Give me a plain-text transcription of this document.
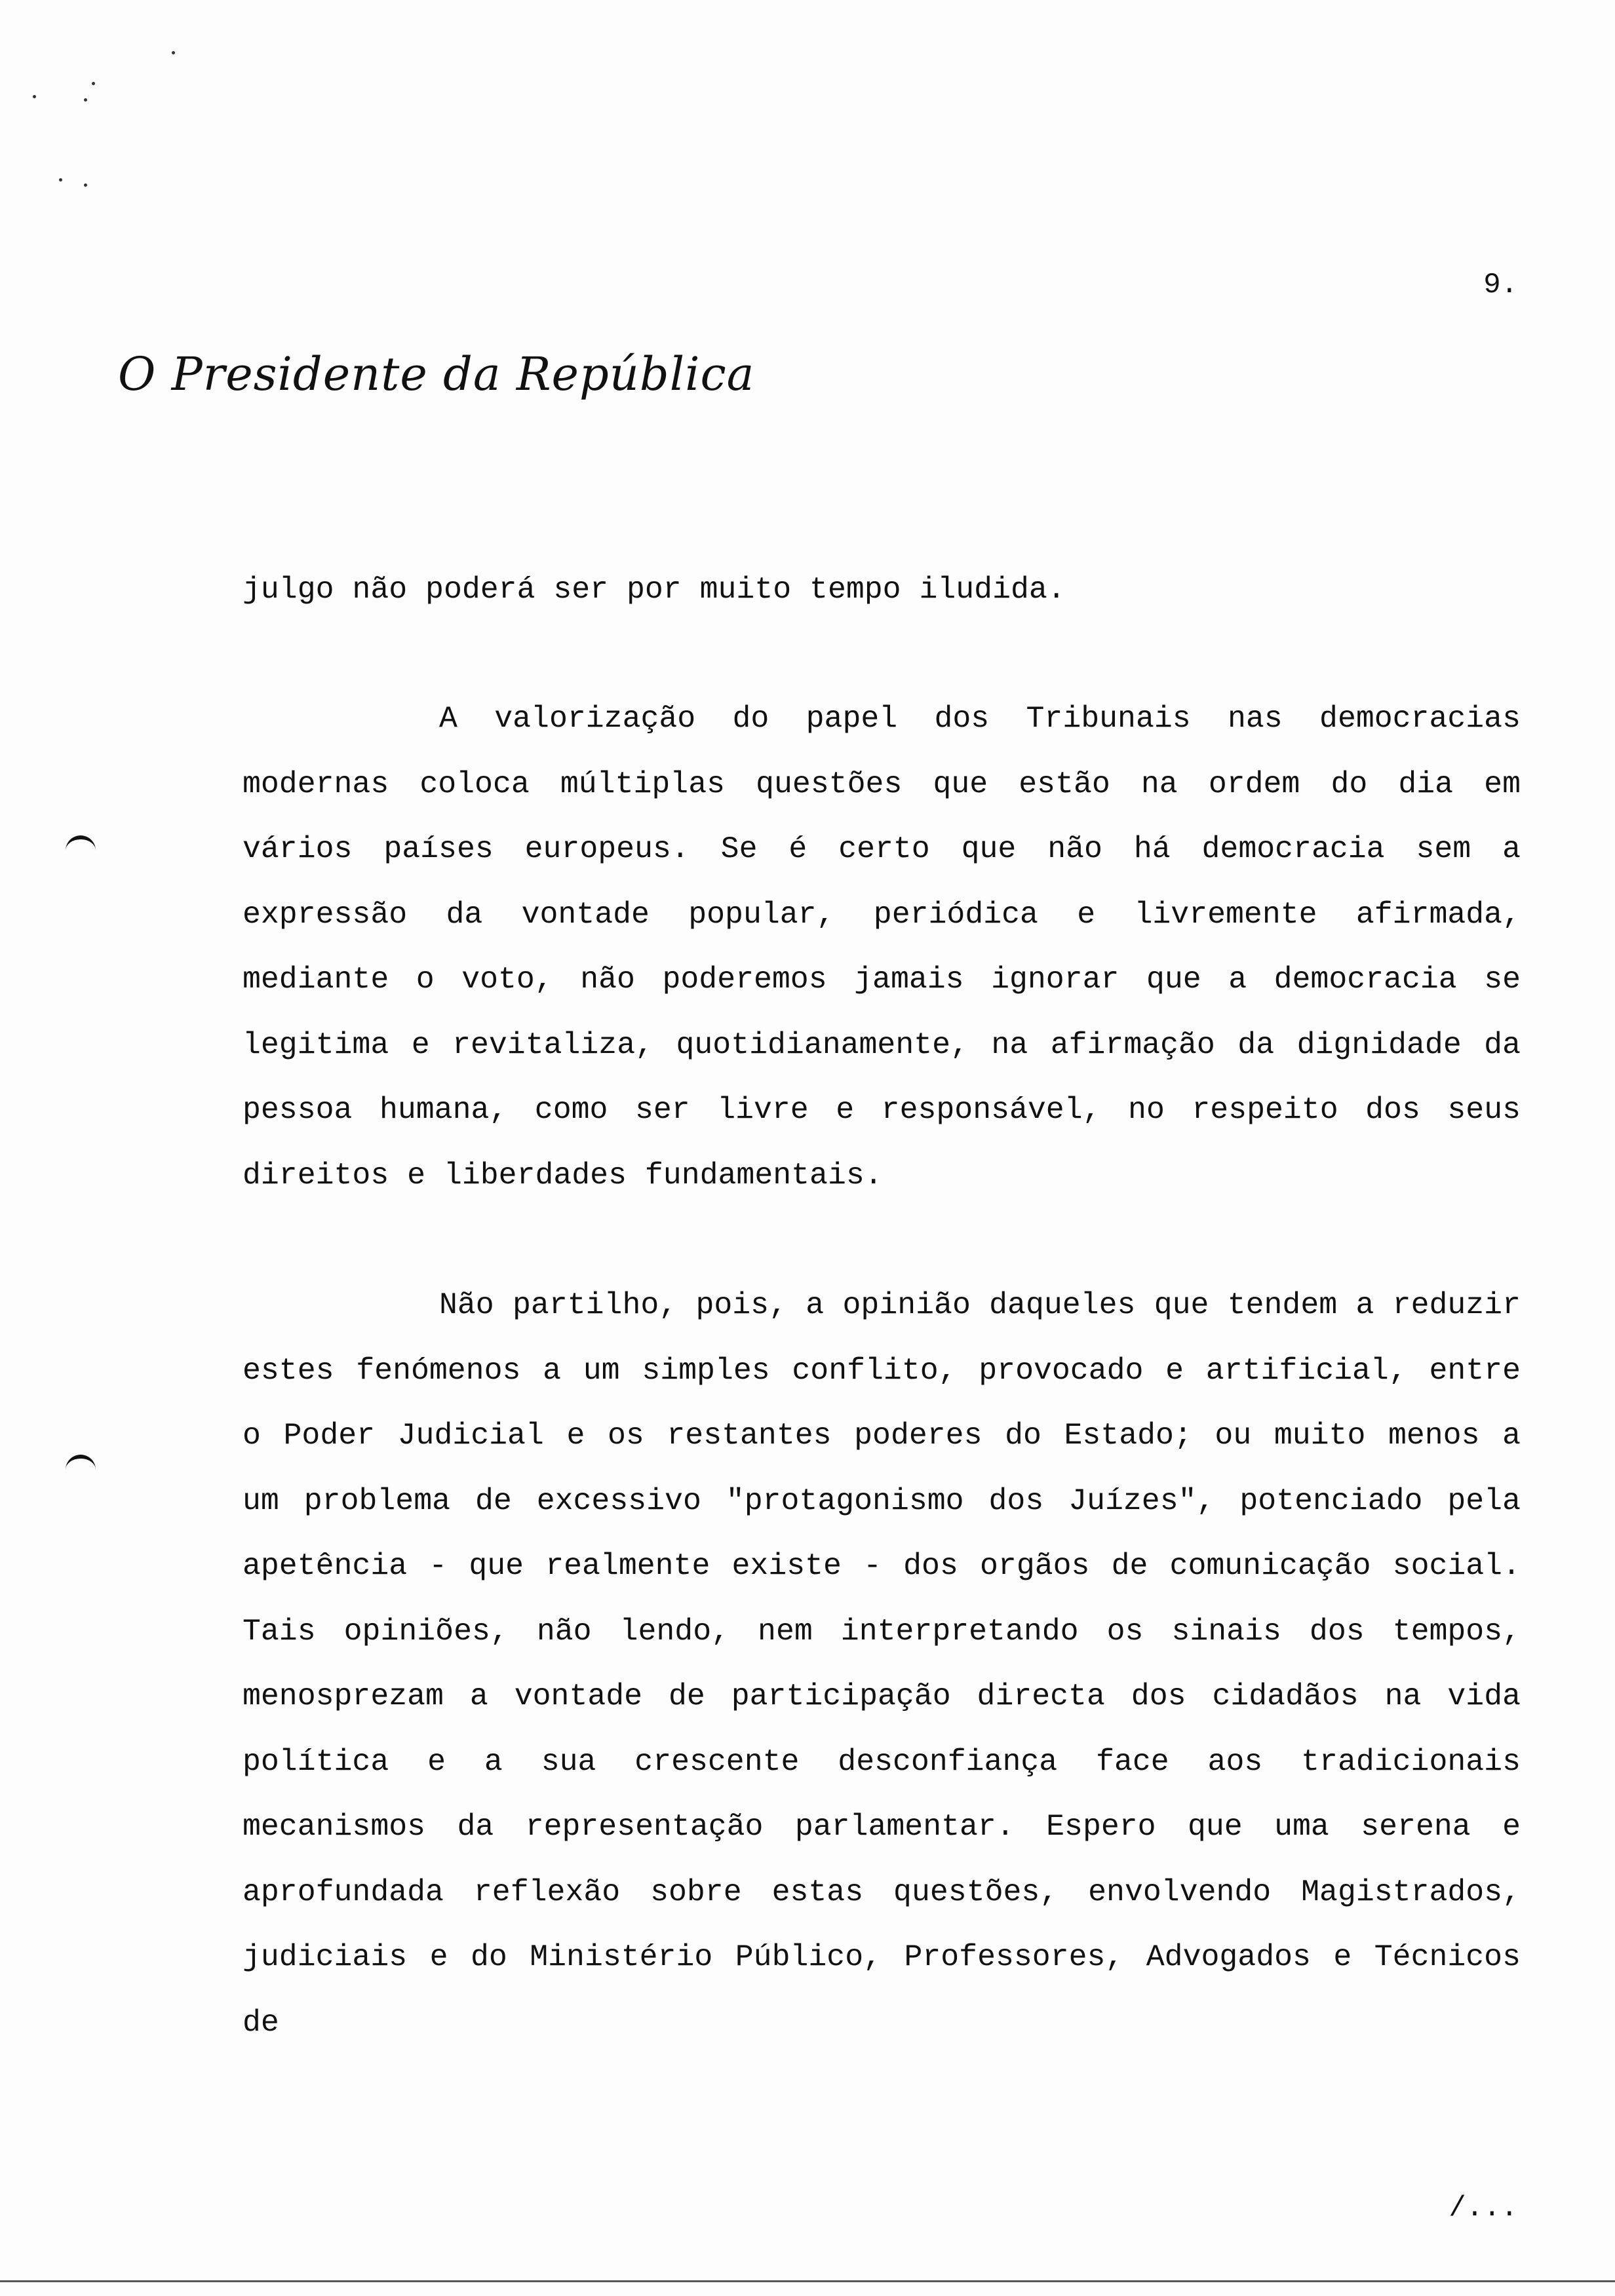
9.
O Presidente da República
julgo não poderá ser por muito tempo iludida.
A valorização do papel dos Tribunais nas democracias modernas coloca múltiplas questões que estão na ordem do dia em vários países europeus. Se é certo que não há democracia sem a expressão da vontade popular, periódica e livremente afirmada, mediante o voto, não poderemos jamais ignorar que a democracia se legitima e revitaliza, quotidianamente, na afirmação da dignidade da pessoa humana, como ser livre e responsável, no respeito dos seus direitos e liberdades fundamentais.
Não partilho, pois, a opinião daqueles que tendem a reduzir estes fenómenos a um simples conflito, provocado e artificial, entre o Poder Judicial e os restantes poderes do Estado; ou muito menos a um problema de excessivo "protagonismo dos Juízes", potenciado pela apetência - que realmente existe - dos orgãos de comunicação social. Tais opiniões, não lendo, nem interpretando os sinais dos tempos, menosprezam a vontade de participação directa dos cidadãos na vida política e a sua crescente desconfiança face aos tradicionais mecanismos da representação parlamentar. Espero que uma serena e aprofundada reflexão sobre estas questões, envolvendo Magistrados, judiciais e do Ministério Público, Professores, Advogados e Técnicos de
/...
